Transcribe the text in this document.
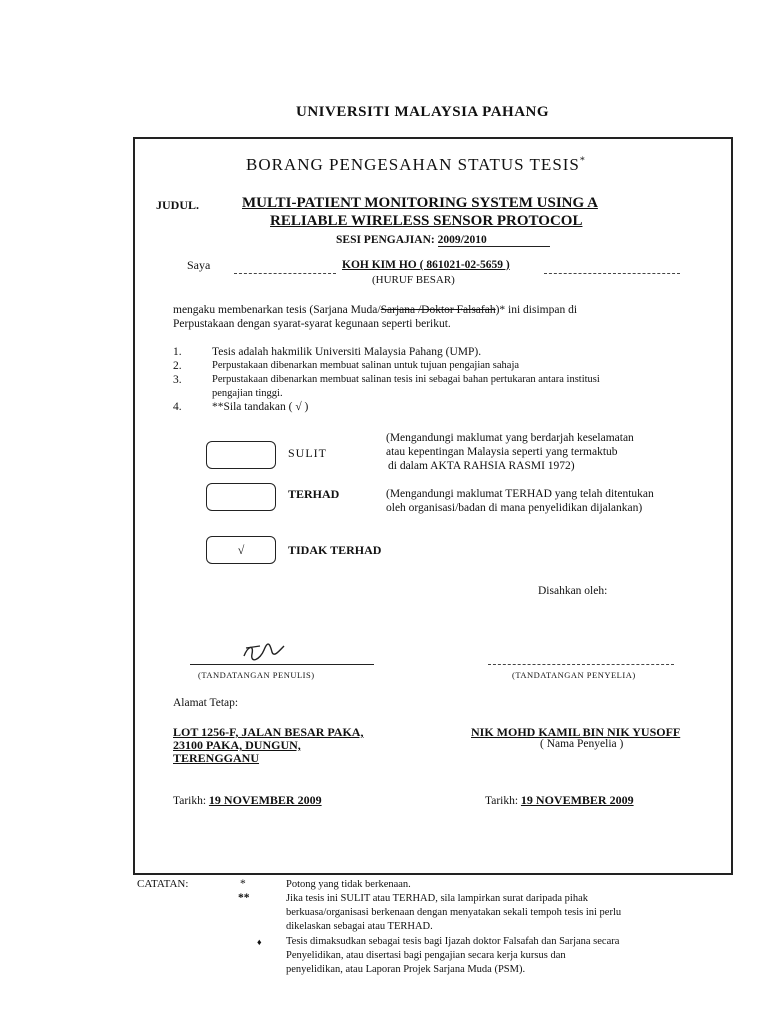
UNIVERSITI MALAYSIA PAHANG
BORANG PENGESAHAN STATUS TESIS*
JUDUL.	MULTI-PATIENT MONITORING SYSTEM USING A
RELIABLE WIRELESS SENSOR PROTOCOL
SESI PENGAJIAN: 2009/2010
Saya	KOH KIM HO ( 861021-02-5659 )
(HURUF BESAR)
mengaku membenarkan tesis (Sarjana Muda/Sarjana /Doktor Falsafah)* ini disimpan di
Perpustakaan dengan syarat-syarat kegunaan seperti berikut.
1.	Tesis adalah hakmilik Universiti Malaysia Pahang (UMP).
2.	Perpustakaan dibenarkan membuat salinan untuk tujuan pengajian sahaja
3.	Perpustakaan dibenarkan membuat salinan tesis ini sebagai bahan pertukaran antara institusi
pengajian tinggi.
4.	**Sila tandakan ( √ )
SULIT
(Mengandungi maklumat yang berdarjah keselamatan
atau kepentingan Malaysia seperti yang termaktub
di dalam AKTA RAHSIA RASMI 1972)
TERHAD	(Mengandungi maklumat TERHAD yang telah ditentukan
oleh organisasi/badan di mana penyelidikan dijalankan)
√	TIDAK TERHAD
Disahkan oleh:
(TANDATANGAN PENULIS)	(TANDATANGAN PENYELIA)
Alamat Tetap:
LOT 1256-F, JALAN BESAR PAKA,
23100 PAKA, DUNGUN,
TERENGGANU
NIK MOHD KAMIL BIN NIK YUSOFF
( Nama Penyelia )
Tarikh: 19 NOVEMBER 2009	Tarikh: 19 NOVEMBER 2009
CATATAN:	*	Potong yang tidak berkenaan.
**	Jika tesis ini SULIT atau TERHAD, sila lampirkan surat daripada pihak
berkuasa/organisasi berkenaan dengan menyatakan sekali tempoh tesis ini perlu
dikelaskan sebagai atau TERHAD.
♦ Tesis dimaksudkan sebagai tesis bagi Ijazah doktor Falsafah dan Sarjana secara
Penyelidikan, atau disertasi bagi pengajian secara kerja kursus dan
penyelidikan, atau Laporan Projek Sarjana Muda (PSM).
